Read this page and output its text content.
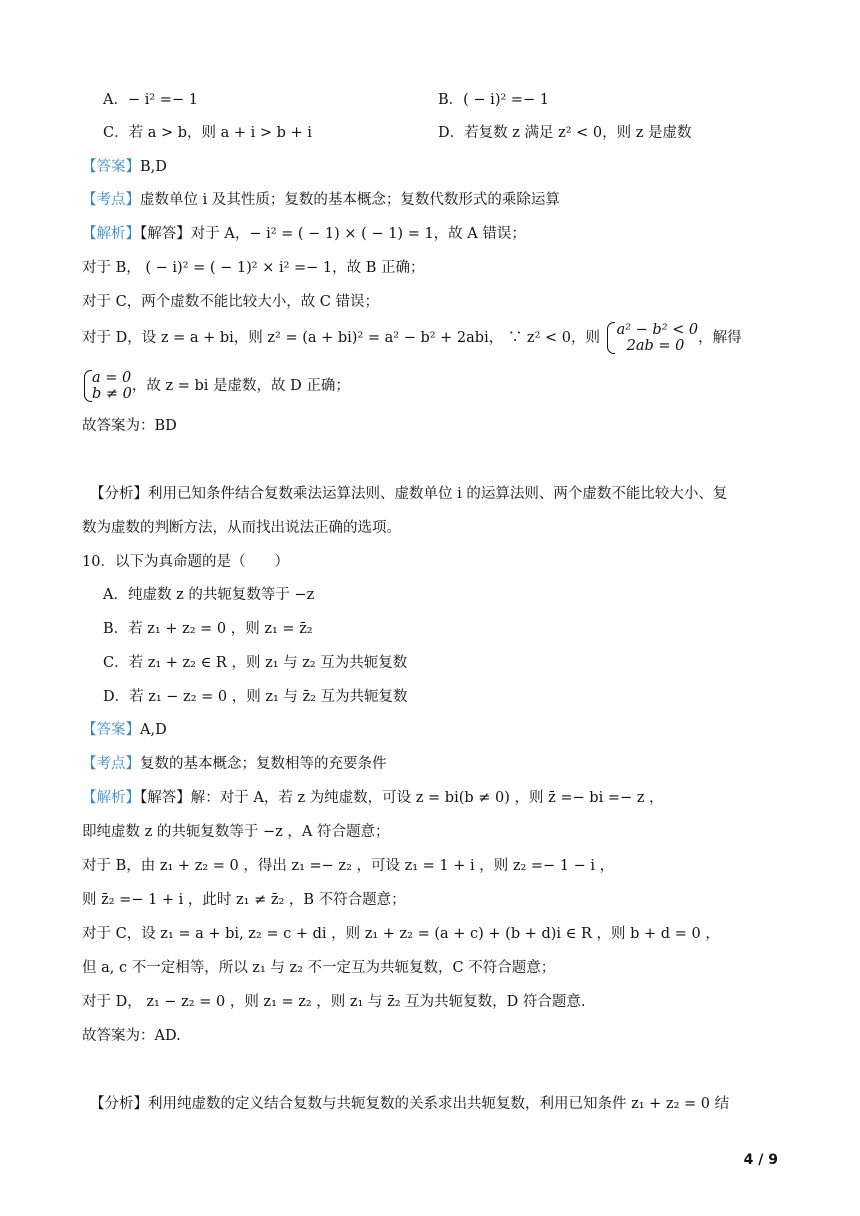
A．− i² =− 1	B．( − i)² =− 1
C．若 a > b，则 a + i > b + i	D．若复数 z 满足 z² < 0，则 z 是虚数
【答案】B,D
【考点】虚数单位 i 及其性质；复数的基本概念；复数代数形式的乘除运算
【解析】【解答】对于 A，− i² = ( − 1) × ( − 1) = 1，故 A 错误；
对于 B， ( − i)² = ( − 1)² × i² =− 1，故 B 正确；
对于 C，两个虚数不能比较大小，故 C 错误；
对于 D，设 z = a + bi，则 z² = (a + bi)² = a² − b² + 2abi， ∵ z² < 0，则 a² − b² < 0
2ab = 0 ，解得
a = 0
b ≠ 0 ，故 z = bi 是虚数，故 D 正确；
故答案为：BD
【分析】利用已知条件结合复数乘法运算法则、虚数单位 i 的运算法则、两个虚数不能比较大小、复
数为虚数的判断方法，从而找出说法正确的选项。
10．以下为真命题的是（　　）
A．纯虚数 z 的共轭复数等于 −z
B．若 z₁ + z₂ = 0 ，则 z₁ = z̄₂
C．若 z₁ + z₂ ∈ R ，则 z₁ 与 z₂ 互为共轭复数
D．若 z₁ − z₂ = 0 ，则 z₁ 与 z̄₂ 互为共轭复数
【答案】A,D
【考点】复数的基本概念；复数相等的充要条件
【解析】【解答】解：对于 A，若 z 为纯虚数，可设 z = bi(b ≠ 0) ，则 z̄ =− bi =− z ，
即纯虚数 z 的共轭复数等于 −z ，A 符合题意；
对于 B，由 z₁ + z₂ = 0 ，得出 z₁ =− z₂ ，可设 z₁ = 1 + i ，则 z₂ =− 1 − i ，
则 z̄₂ =− 1 + i ，此时 z₁ ≠ z̄₂ ，B 不符合题意；
对于 C，设 z₁ = a + bi, z₂ = c + di ，则 z₁ + z₂ = (a + c) + (b + d)i ∈ R ，则 b + d = 0 ，
但 a, c 不一定相等，所以 z₁ 与 z₂ 不一定互为共轭复数，C 不符合题意；
对于 D， z₁ − z₂ = 0 ，则 z₁ = z₂ ，则 z₁ 与 z̄₂ 互为共轭复数，D 符合题意.
故答案为：AD.
【分析】利用纯虚数的定义结合复数与共轭复数的关系求出共轭复数，利用已知条件 z₁ + z₂ = 0 结
4 / 9
